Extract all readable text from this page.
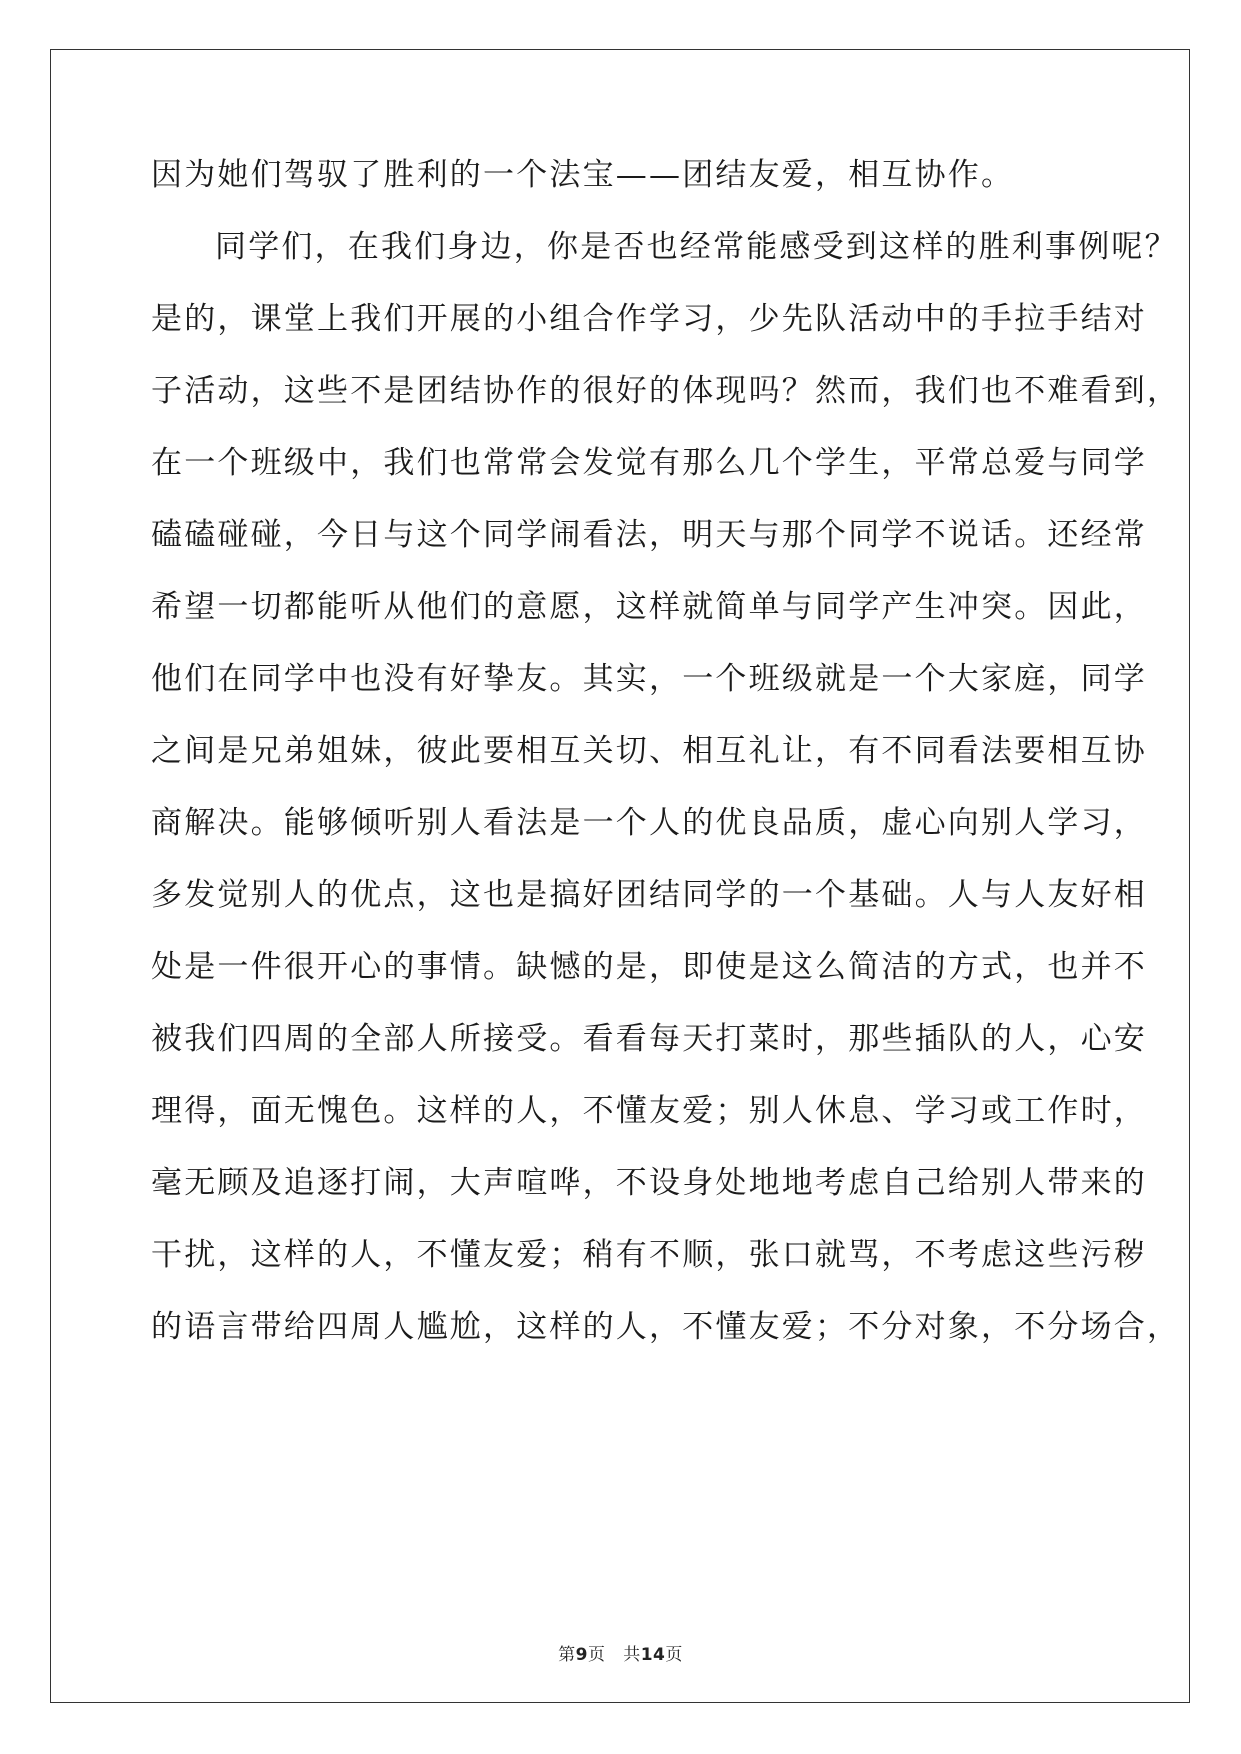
因为她们驾驭了胜利的一个法宝——团结友爱，相互协作。

同学们，在我们身边，你是否也经常能感受到这样的胜利事例呢？

是的，课堂上我们开展的小组合作学习，少先队活动中的手拉手结对

子活动，这些不是团结协作的很好的体现吗？然而，我们也不难看到，

在一个班级中，我们也常常会发觉有那么几个学生，平常总爱与同学

磕磕碰碰，今日与这个同学闹看法，明天与那个同学不说话。还经常

希望一切都能听从他们的意愿，这样就简单与同学产生冲突。因此，

他们在同学中也没有好挚友。其实，一个班级就是一个大家庭，同学

之间是兄弟姐妹，彼此要相互关切、相互礼让，有不同看法要相互协

商解决。能够倾听别人看法是一个人的优良品质，虚心向别人学习，

多发觉别人的优点，这也是搞好团结同学的一个基础。人与人友好相

处是一件很开心的事情。缺憾的是，即使是这么简洁的方式，也并不

被我们四周的全部人所接受。看看每天打菜时，那些插队的人，心安

理得，面无愧色。这样的人，不懂友爱；别人休息、学习或工作时，

毫无顾及追逐打闹，大声喧哗，不设身处地地考虑自己给别人带来的

干扰，这样的人，不懂友爱；稍有不顺，张口就骂，不考虑这些污秽

的语言带给四周人尴尬，这样的人，不懂友爱；不分对象，不分场合，

第9页 共14页
